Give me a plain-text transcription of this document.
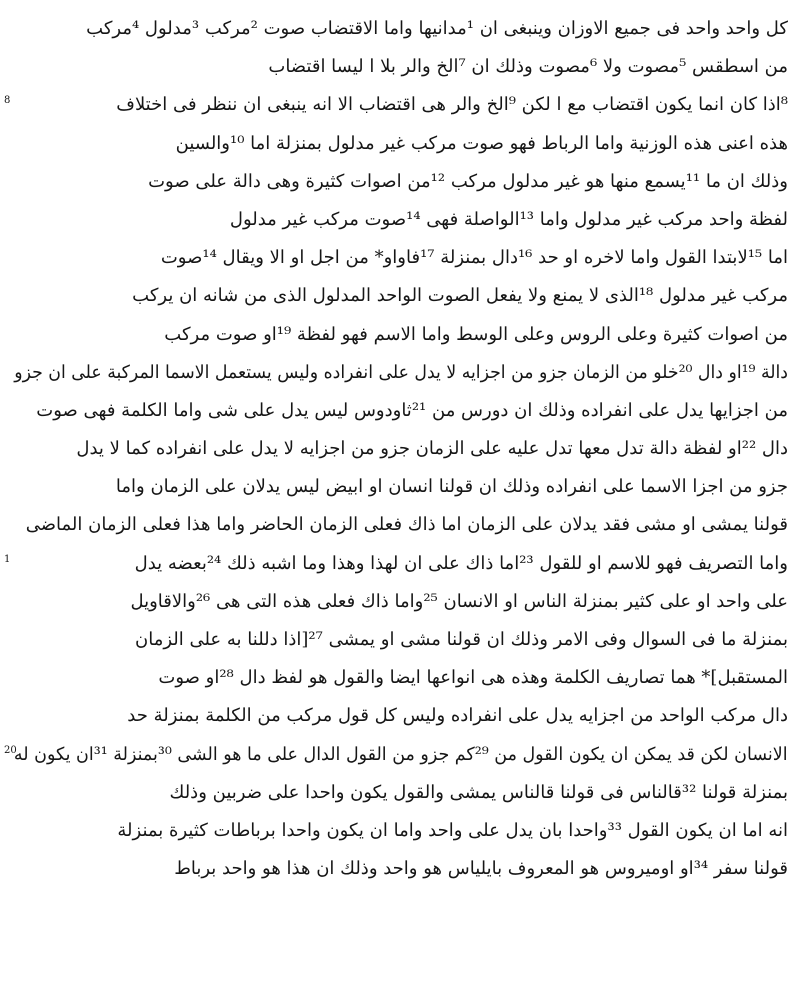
كل واحد واحد فى جميع الاوزان وينبغى ان ¹مدانيها واما الاقتضاب صوت ²مركب ³مدلول ⁴مركب
من اسطقس ⁵مصوت ولا ⁶مصوت وذلك ان ⁷الخ والر بلا ا ليسا اقتضاب
⁸اذا كان انما يكون اقتضاب مع ا لكن ⁹الخ والر هى اقتضاب الا انه ينبغى ان ننظر فى اختلاف
8
هذه اعنى هذه الوزنية واما الرباط فهو صوت مركب غير مدلول بمنزلة اما ¹⁰والسين
وذلك ان ما ¹¹يسمع منها هو غير مدلول مركب ¹²من اصوات كثيرة وهى دالة على صوت
لفظة واحد مركب غير مدلول واما ¹³الواصلة فهى ¹⁴صوت مركب غير مدلول
اما ¹⁵لابتدا القول واما لاخره او حد ¹⁶دال بمنزلة ¹⁷فاواو* من اجل او الا ويقال ¹⁴صوت
مركب غير مدلول ¹⁸الذى لا يمنع ولا يفعل الصوت الواحد المدلول الذى من شانه ان يركب
من اصوات كثيرة وعلى الروس وعلى الوسط واما الاسم فهو لفظة ¹⁹او صوت مركب
دالة ¹⁹او دال ²⁰خلو من الزمان جزو من اجزايه لا يدل على انفراده وليس يستعمل الاسما المركبة على ان جزو
من اجزايها يدل على انفراده وذلك ان دورس من ²¹ثاودوس ليس يدل على شى واما الكلمة فهى صوت
دال ²²او لفظة دالة تدل معها تدل عليه على الزمان جزو من اجزايه لا يدل على انفراده كما لا يدل
جزو من اجزا الاسما على انفراده وذلك ان قولنا انسان او ابيض ليس يدلان على الزمان واما
قولنا يمشى او مشى فقد يدلان على الزمان اما ذاك فعلى الزمان الحاضر واما هذا فعلى الزمان الماضى
واما التصريف فهو للاسم او للقول ²³اما ذاك على ان لهذا وهذا وما اشبه ذلك ²⁴بعضه يدل
1
على واحد او على كثير بمنزلة الناس او الانسان ²⁵واما ذاك فعلى هذه التى هى ²⁶والاقاويل
بمنزلة ما فى السوال وفى الامر وذلك ان قولنا مشى او يمشى ²⁷[اذا دللنا به على الزمان
المستقبل]* هما تصاريف الكلمة وهذه هى انواعها ايضا والقول هو لفظ دال ²⁸او صوت
دال مركب الواحد من اجزايه يدل على انفراده وليس كل قول مركب من الكلمة بمنزلة حد
الانسان لكن قد يمكن ان يكون القول من ²⁹كم جزو من القول الدال على ما هو الشى ³⁰بمنزلة ³¹ان يكون له
20
بمنزلة قولنا ³²قالناس فى قولنا قالناس يمشى والقول يكون واحدا على ضربين وذلك
انه اما ان يكون القول ³³واحدا بان يدل على واحد واما ان يكون واحدا برباطات كثيرة بمنزلة
قولنا سفر ³⁴او اوميروس هو المعروف بايلياس هو واحد وذلك ان هذا هو واحد برباط
